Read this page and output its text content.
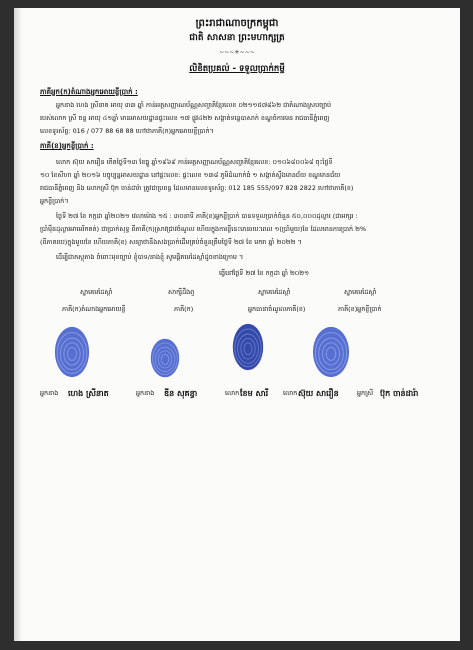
ព្រះរាជាណាចក្រកម្ពុជា
ជាតិ សាសនា ព្រះមហាក្សត្រ
~~~⚜~~~
លិខិតប្រគល់ - ទទួលប្រាក់កម្ចី
ភាគីអ្នក(ក)តំណាងអ្នកអោយខ្ចីប្រាក់ :
អ្នកនាង ហេង ស្រីនាត អាយុ ៣៣ ឆ្នាំ កាន់អត្តសញ្ញាណប័ណ្ណសញ្ជាតិខ្មែរលេខ ០២១១៥៧៨៦២ ជាតំណាងស្របច្បាប់
របស់លោក ស្រី ចន្ទ អាយុ ៤១ឆ្នាំ មានអាសយដ្ឋានផ្ទះលេខ ១៧ ផ្លូវ៤២២ សង្កាត់ទន្លេបាសាក់ ខណ្ឌចំការមន រាជធានីភ្នំពេញ
លេខទូរស័ព្ទ: 016 / 077 88 68 88 ហៅថាភាគី(ក)អ្នកអោយខ្ចីប្រាក់។
ភាគី(ខ)អ្នកខ្ចីប្រាក់ :
លោក ស៊ុយ សារឿន កើតថ្ងៃទី១៣ ខែធ្នូ ឆ្នាំ១៩៦៩ កាន់អត្តសញ្ញាណប័ណ្ណសញ្ជាតិខ្មែរលេខ: ០១០៦៨០០៦៨ ចុះថ្ងៃទី
១០ ខែសីហា ឆ្នាំ ២០១៦ បច្ចុប្បន្នអាសយដ្ឋាន នៅផ្ទះលេខ: ផ្ទះលេខ ១៣៨ ភូមិដំណាក់ធំ ១ សង្កាត់ស្ទឹងមានជ័យ ខណ្ឌមានជ័យ
រាជធានីភ្នំពេញ និង លោកស្រី ប៊ុក ចាន់ដារ៉ា ត្រូវជាប្រពន្ធ ដែលមានលេខទូរស័ព្ទ: 012 185 555/097 828 2822 ហៅថាភាគី(ខ)
អ្នកខ្ចីប្រាក់។
ថ្ងៃទី ២៧ ខែ កក្កដា ឆ្នាំ២០២១ វេលាម៉ោង ១៥ : ៣០នាទី ភាគី(ខ)អ្នកខ្ចីប្រាក់ បានទទួលប្រាក់ចំនួន ៥០,០០០ដុល្លារ (ជាអក្សរ :
ប្រាំម៉ឺនដុល្លារអាមេរិកគត់) ជាប្រាក់សុទ្ធ ពីភាគី(ក)ស្រាវជ្រាវចំណូល ហើយក្នុងការខ្ចីនេះមានរយៈពេល ១(ប្រាំមួយ)ខែ ដែលមានការប្រាក់ ២%
(ពីភាគរយ)ក្នុងមួយខែ ហើយភាគី(ខ) សន្យាថានឹងសងប្រាក់ដើមគ្រប់ចំនួនត្រឹមថ្ងៃទី ២៧ ខែ មករា ឆ្នាំ ២០២២ ។
ដើម្បីជាភស្តុតាង ចំពោះមុខច្បាប់ ខ្ញុំបាទ/នាងខ្ញុំ សូមផ្តិតមេដៃស្តាំដូចខាងក្រោម ។
ធ្វើនៅថ្ងៃទី ២៧ ខែ កក្កដា ឆ្នាំ ២០២១
ស្នាមមេដៃស្តាំ	សាក្សីដឹងឮ	ស្នាមមេដៃស្តាំ	ស្នាមមេដៃស្តាំ
ភាគី(ក)តំណាងអ្នកអោយខ្ចី	ភាគី(ក)	អ្នកធានាចំណូលភាគី(ខ)	ភាគី(ខ)អ្នកខ្ចីប្រាក់
អ្នកនាង ហេង ស្រីនាត	អ្នកនាង ឌីន សុគន្ធា	លោក ខែម សារី លោក ស៊ុយ សារឿន	អ្នកស្រី ប៊ុក ចាន់ដារ៉ា
